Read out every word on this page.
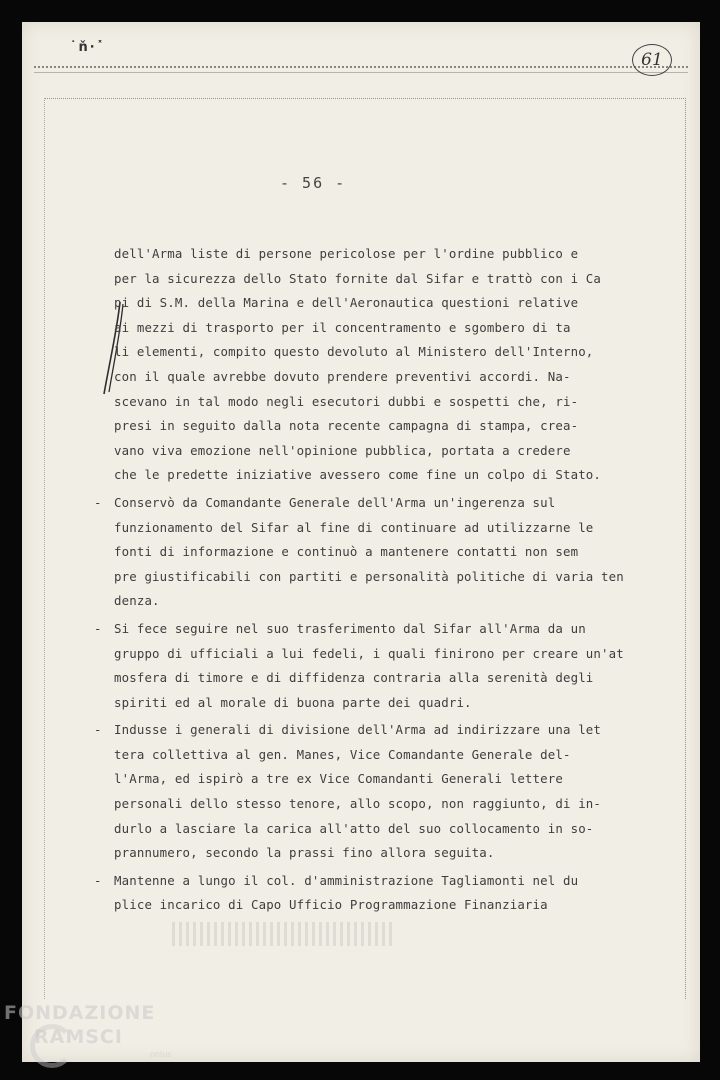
˙ň∙˟
61
- 56 -
dell'Arma liste di persone pericolose per l'ordine pubblico e
per la sicurezza dello Stato fornite dal Sifar e trattò con i Ca
pi di S.M. della Marina e dell'Aeronautica questioni relative
ai mezzi di trasporto per il concentramento e sgombero di ta
li elementi, compito questo devoluto al Ministero dell'Interno,
con il quale avrebbe dovuto prendere preventivi accordi. Na-
scevano in tal modo negli esecutori dubbi e sospetti che, ri-
presi in seguito dalla nota recente campagna di stampa, crea-
vano viva emozione nell'opinione pubblica, portata a credere
che le predette iniziative avessero come fine un colpo di Stato.
- Conservò da Comandante Generale dell'Arma un'ingerenza sul
funzionamento del Sifar al fine di continuare ad utilizzarne le
fonti di informazione e continuò a mantenere contatti non sem
pre giustificabili con partiti e personalità politiche di varia ten
denza.
- Si fece seguire nel suo trasferimento dal Sifar all'Arma da un
gruppo di ufficiali a lui fedeli, i quali finirono per creare un'at
mosfera di timore e di diffidenza contraria alla serenità degli
spiriti ed al morale di buona parte dei quadri.
- Indusse i generali di divisione dell'Arma ad indirizzare una let
tera collettiva al gen. Manes, Vice Comandante Generale del-
l'Arma, ed ispirò a tre ex Vice Comandanti Generali lettere
personali dello stesso tenore, allo scopo, non raggiunto, di in-
durlo a lasciare la carica all'atto del suo collocamento in so-
prannumero, secondo la prassi fino allora seguita.
- Mantenne a lungo il col. d'amministrazione Tagliamonti nel du
plice incarico di Capo Ufficio Programmazione Finanziaria
FONDAZIONE
RAMSCI
onlus
